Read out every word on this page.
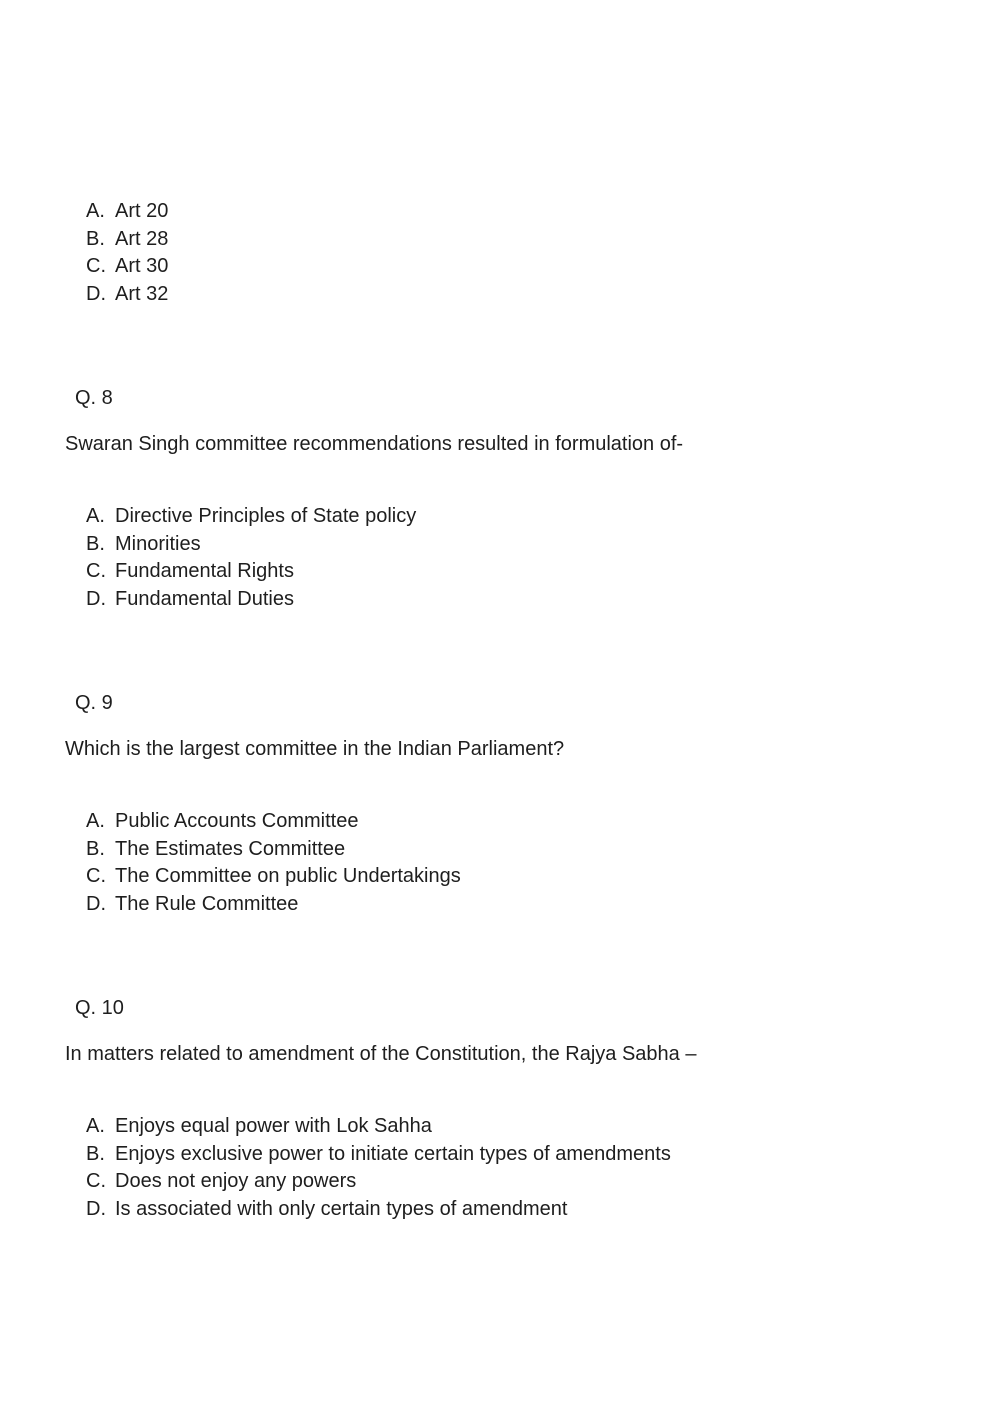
A. Art 20
B. Art 28
C. Art 30
D. Art 32
Q. 8
Swaran Singh committee recommendations resulted in formulation of-
A. Directive Principles of State policy
B. Minorities
C. Fundamental Rights
D. Fundamental Duties
Q. 9
Which is the largest committee in the Indian Parliament?
A. Public Accounts Committee
B. The Estimates Committee
C. The Committee on public Undertakings
D. The Rule Committee
Q. 10
In matters related to amendment of the Constitution, the Rajya Sabha –
A. Enjoys equal power with Lok Sahha
B. Enjoys exclusive power to initiate certain types of amendments
C. Does not enjoy any powers
D. Is associated with only certain types of amendment
